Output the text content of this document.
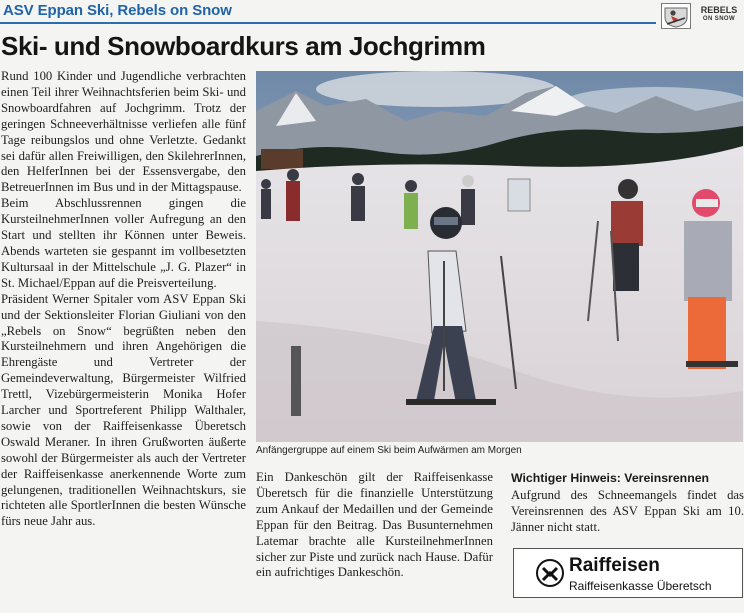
ASV Eppan Ski, Rebels on Snow	REBELS
ON SNOW
Ski- und Snowboardkurs am Jochgrimm

Rund 100 Kinder und Jugendliche verbrachten einen Teil ihrer Weihnachtsferien beim Ski- und Snowboardfahren auf Jochgrimm. Trotz der geringen Schneeverhältnisse verliefen alle fünf Tage reibungslos und ohne Verletzte. Gedankt sei dafür allen Freiwilligen, den SkilehrerInnen, den HelferInnen bei der Essensvergabe, den BetreuerInnen im Bus und in der Mittagspause.

Beim Abschlussrennen gingen die KursteilnehmerInnen voller Aufregung an den Start und stellten ihr Können unter Beweis. Abends warteten sie gespannt im vollbesetzten Kultursaal in der Mittelschule „J. G. Plazer“ in St. Michael/Eppan auf die Preisverteilung.

Präsident Werner Spitaler vom ASV Eppan Ski und der Sektionsleiter Florian Giuliani von den „Rebels on Snow“ begrüßten neben den Kursteilnehmern und ihren Angehörigen die Ehrengäste und Vertreter der Gemeindeverwaltung, Bürgermeister Wilfried Trettl, Vizebürgermeisterin Monika Hofer Larcher und Sportreferent Philipp Walthaler, sowie von der Raiffeisenkasse Überetsch Oswald Meraner. In ihren Grußworten äußerte sowohl der Bürgermeister als auch der Vertreter der Raiffeisenkasse anerkennende Worte zum gelungenen, traditionellen Weihnachtskurs, sie richteten alle SportlerInnen die besten Wünsche fürs neue Jahr aus.

Anfängergruppe auf einem Ski beim Aufwärmen am Morgen

Ein Dankeschön gilt der Raiffeisenkasse Überetsch für die finanzielle Unterstützung zum Ankauf der Medaillen und der Gemeinde Eppan für den Beitrag. Das Busunternehmen Latemar brachte alle KursteilnehmerInnen sicher zur Piste und zurück nach Hause. Dafür ein aufrichtiges Dankeschön.

Wichtiger Hinweis: Vereinsrennen
Aufgrund des Schneemangels findet das Vereinsrennen des ASV Eppan Ski am 10. Jänner nicht statt.
Raiffeisen
Raiffeisenkasse Überetsch
